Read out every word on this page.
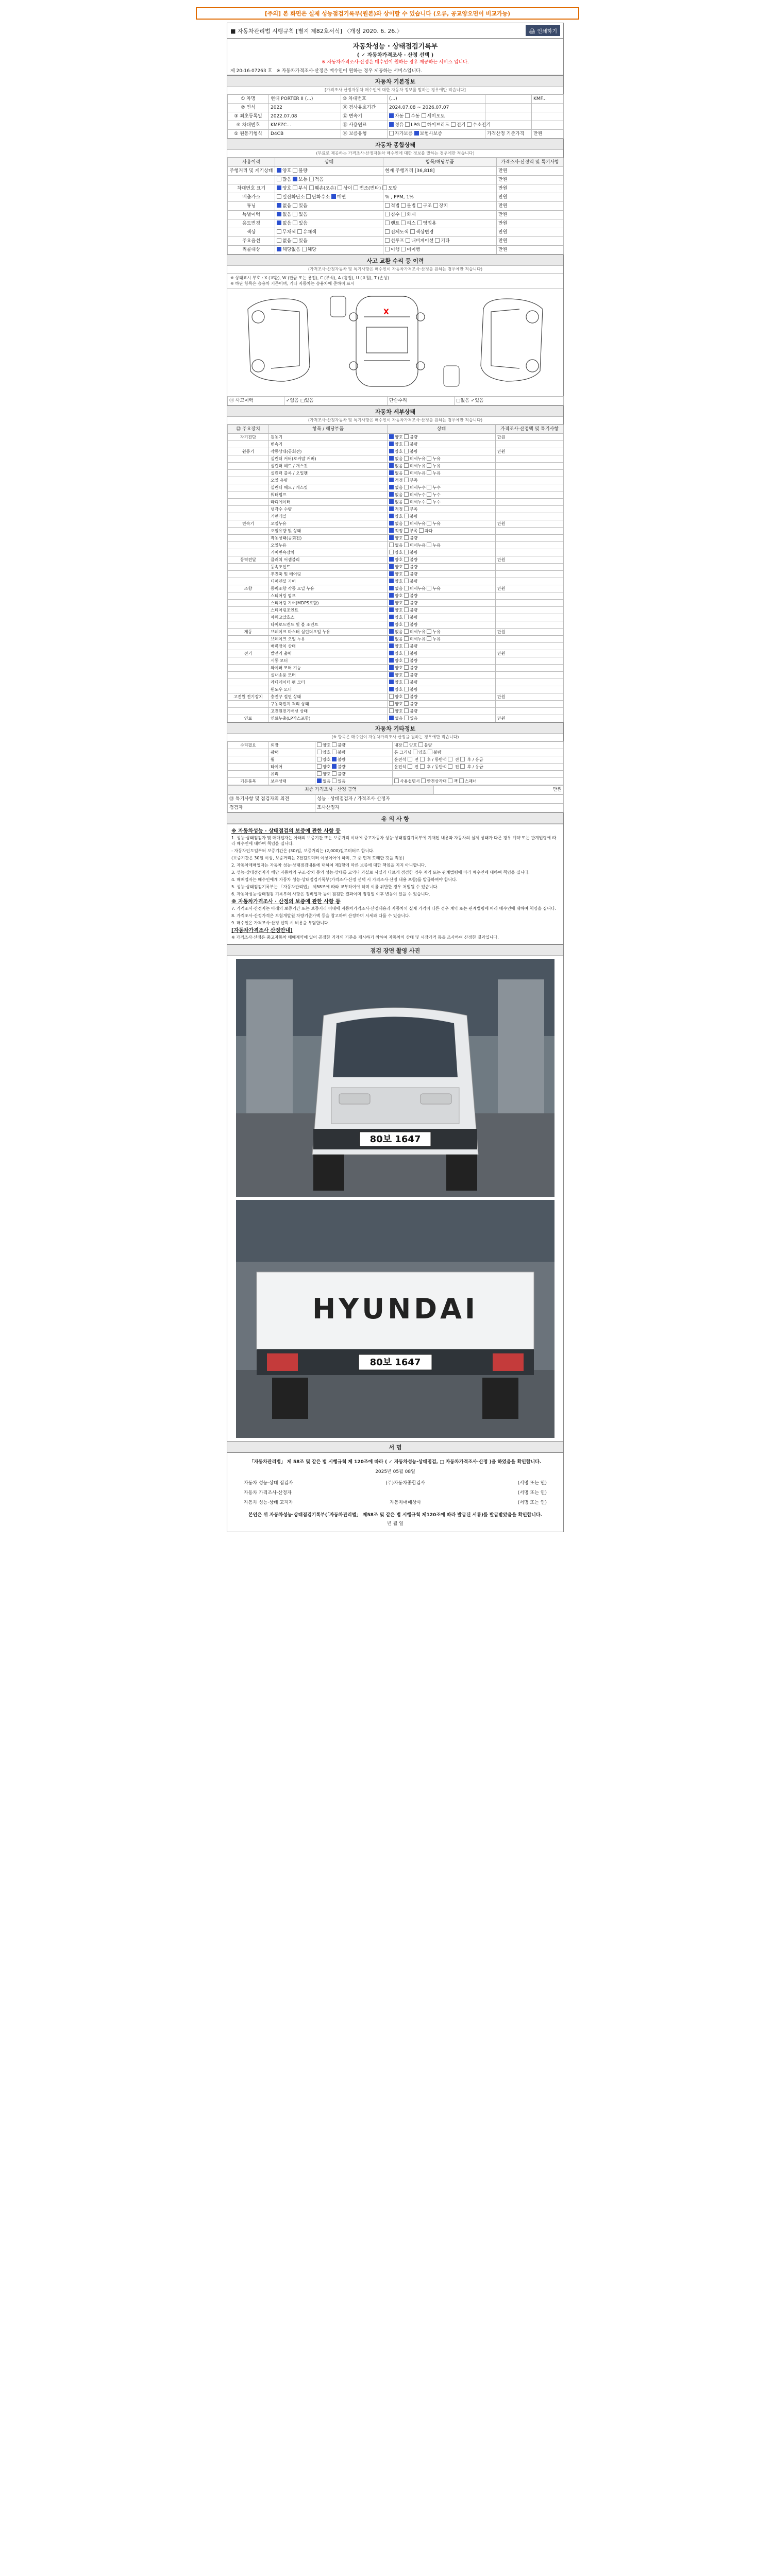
[주의] 본 화면은 실제 성능점검기록부(원본)와 상이할 수 있습니다 (오류, 공교양오면이 비교가능)
■ 자동차관리법 시행규칙 [별지 제82호서식] 〈개정 2020. 6. 26.〉	🖨 인쇄하기
자동차성능 · 상태점검기록부
( ✓ 자동차가격조사 · 산정 선택 )
※ 자동차가격조사·산정은 매수인이 원하는 경우 제공하는 서비스 입니다.
제 20-16-07263 호 ※ 자동차가격조사·산정은 매수인이 원하는 경우 제공하는 서비스입니다.
자동차 기본정보
[가격조사·산정자동차 매수인에 대한 자동차 정보를 말하는 경우에만 적습니다]
① 차명	현대 PORTER II (...)	⑩ 차대번호	(...)		KMF...
② 연식	2022	⑪ 검사유효기간	2024.07.08 ~ 2026.07.07		
③ 최초등록일	2022.07.08	⑫ 변속기	자동 수동 세미오토		
④ 차대번호	KMFZC...	⑬ 사용연료	경유 LPG 하이브리드 전기 수소전기		
⑤ 원동기형식	D4CB	⑭ 보증유형	자가보증 보험사보증	가격산정 기준가격	만원
자동차 종합상태
(무료로 제공하는 가격조사·산정자동차 매수인에 대한 정보를 말하는 경우에만 적습니다)
사용이력	상태	항목/해당부품	가격조사·산정액 및 특기사항
주행거리 및 계기상태	양호 불량	현재 주행거리 [36,818]	만원
	많음 보통 적음		만원
차대번호 표기	양호 부식 훼손(오손) 상이 변조(변타) 도말		만원
배출가스	일산화탄소 탄화수소 매연	% , PPM, 1%	만원
튜닝	없음 있음	적법 불법 구조 장치	만원
특별이력	없음 있음	침수 화재	만원
용도변경	없음 있음	렌트 리스 영업용	만원
색상	무채색 유채색	전체도색 색상변경	만원
주요옵션	없음 있음	선루프 내비게이션 기타	만원
리콜대상	해당없음 해당	이행 미이행	만원
사고 교환 수리 등 이력
(가격조사·산정자동차 및 특기사항은 매수인이 자동차가격조사·산정을 원하는 경우에만 적습니다)
※ 상태표시 부호 : X (교환), W (판금 또는 용접), C (부식), A (흠집), U (요철), T (손상)
※ 하단 항목은 승용차 기준이며, 기타 자동차는 승용차에 준하여 표시
X
⑪ 사고이력	✓없음 □있음	단순수리	□없음 ✓있음
자동차 세부상태
(가격조사·산정자동차 및 특기사항은 매수인이 자동차가격조사·산정을 원하는 경우에만 적습니다)
⑫ 주요장치	항목 / 해당부품	상태	가격조사·산정액 및 특기사항
자기진단	원동기	양호 불량	만원
	변속기	양호 불량	
원동기	작동상태(공회전)	양호 불량	만원
	실린더 커버(로커암 커버)	없음 미세누유 누유	
	실린더 헤드 / 개스킷	없음 미세누유 누유	
	실린더 블록 / 오일팬	없음 미세누유 누유	
	오일 유량	적정 부족	
	실린더 헤드 / 개스킷	없음 미세누수 누수	
	워터펌프	없음 미세누수 누수	
	라디에이터	없음 미세누수 누수	
	냉각수 수량	적정 부족	
	커먼레일	양호 불량	
변속기	오일누유	없음 미세누유 누유	만원
	오일유량 및 상태	적정 부족 과다	
	작동상태(공회전)	양호 불량	
	오일누유	없음 미세누유 누유	
	기어변속장치	양호 불량	
동력전달	클러치 어셈블리	양호 불량	만원
	등속조인트	양호 불량	
	추진축 및 베어링	양호 불량	
	디퍼렌셜 기어	양호 불량	
조향	동력조향 작동 오일 누유	없음 미세누유 누유	만원
	스티어링 펌프	양호 불량	
	스티어링 기어(MDPS포함)	양호 불량	
	스티어링조인트	양호 불량	
	파워고압호스	양호 불량	
	타이로드엔드 및 볼 조인트	양호 불량	
제동	브레이크 마스터 실린더오일 누유	없음 미세누유 누유	만원
	브레이크 오일 누유	없음 미세누유 누유	
	배력장치 상태	양호 불량	
전기	발전기 출력	양호 불량	만원
	시동 모터	양호 불량	
	와이퍼 모터 기능	양호 불량	
	실내송풍 모터	양호 불량	
	라디에이터 팬 모터	양호 불량	
	윈도우 모터	양호 불량	
고전원 전기장치	충전구 절연 상태	양호 불량	만원
	구동축전지 격리 상태	양호 불량	
	고전원전기배선 상태	양호 불량	
연료	연료누출(LP가스포함)	없음 있음	만원
자동차 기타정보
(※ 항목은 매수인이 자동차가격조사·산정을 원하는 경우에만 적습니다)
수리필요	외장	양호 불량	내장 양호 불량
	광택	양호 불량	룸 크리닝 양호 불량
	휠	양호 불량	운전석  전  후 / 동반석  전  후 / 응급
	타이어	양호 불량	운전석  전  후 / 동반석  전  후 / 응급
	유리	양호 불량	
기본품목	보유상태	없음 있음	사용설명서 안전삼각대 잭 스패너
최종 가격조사 · 산정 금액	만원
⑬ 특기사항 및 점검자의 의견	성능 · 상태점검자 / 가격조사·산정자
점검자	조사산정자
유 의 사 항
※ 자동차성능 · 상태점검의 보증에 관한 사항 등

1. 성능·상태점검자 및 매매업자는 아래의 보증기간 또는 보증거리 이내에 중고자동차 성능·상태점검기록부에 기재된 내용과 자동차의 실제 상태가 다른 경우 계약 또는 관계법령에 따라 매수인에 대하여 책임을 집니다.

- 자동차인도일부터 보증기간은 (30)일, 보증거리는 (2,000)킬로미터로 합니다.

(보증기간은 30일 이상, 보증거리는 2천킬로미터 이상이어야 하며, 그 중 먼저 도래한 것을 적용)

2. 자동차매매업자는 자동차 성능·상태점검내용에 대하여 제1항에 따른 보증에 대한 책임을 지지 아니합니다.

3. 성능·상태점검자가 해당 자동차의 구조·장치 등의 성능·상태를 고의나 과실로 사실과 다르게 점검한 경우 계약 또는 관계법령에 따라 매수인에 대하여 책임을 집니다.

4. 매매업자는 매수인에게 자동차 성능·상태점검기록부(가격조사·산정 선택 시 가격조사·산정 내용 포함)를 발급하여야 합니다.

5. 성능·상태점검기록부는 「자동차관리법」 제58조에 따라 교부하여야 하며 이를 위반한 경우 처벌될 수 있습니다.

6. 자동차성능·상태점검 기록부의 사항은 정비업자 등이 점검한 결과이며 점검일 이후 변동이 있을 수 있습니다.

※ 자동차가격조사 · 산정의 보증에 관한 사항 등

7. 가격조사·산정자는 아래의 보증기간 또는 보증거리 이내에 자동차가격조사·산정내용과 자동차의 실제 가격이 다른 경우 계약 또는 관계법령에 따라 매수인에 대하여 책임을 집니다.

8. 가격조사·산정가격은 보험개발원 차량기준가액 등을 참고하여 산정하며 시세와 다를 수 있습니다.

9. 매수인은 가격조사·산정 선택 시 비용을 부담합니다.

[자동차가격조사 산정안내]

※ 가격조사·산정은 중고자동차 매매계약에 있어 공정한 거래의 기준을 제시하기 위하여 자동차의 상태 및 시장가격 등을 조사하여 산정한 결과입니다.

점검 장면 촬영 사진
80보 1647
HYUNDAI
80보 1647
서 명

「자동차관리법」 제 58조 및 같은 법 시행규칙 제 120조에 따라 ( ✓ 자동차성능·상태점검, □ 자동차가격조사·산정 )을 하였음을 확인합니다.

2025년 05월 08일

자동차 성능·상태 점검자	(주)자동차종합검사	(서명 또는 인)
자동차 가격조사·산정자	(서명 또는 인)
자동차 성능·상태 고지자	자동차매매상사	(서명 또는 인)

본인은 위 자동차성능·상태점검기록부(「자동차관리법」 제58조 및 같은 법 시행규칙 제120조에 따라 발급된 서류)를 발급받았음을 확인합니다.

년 월 일
